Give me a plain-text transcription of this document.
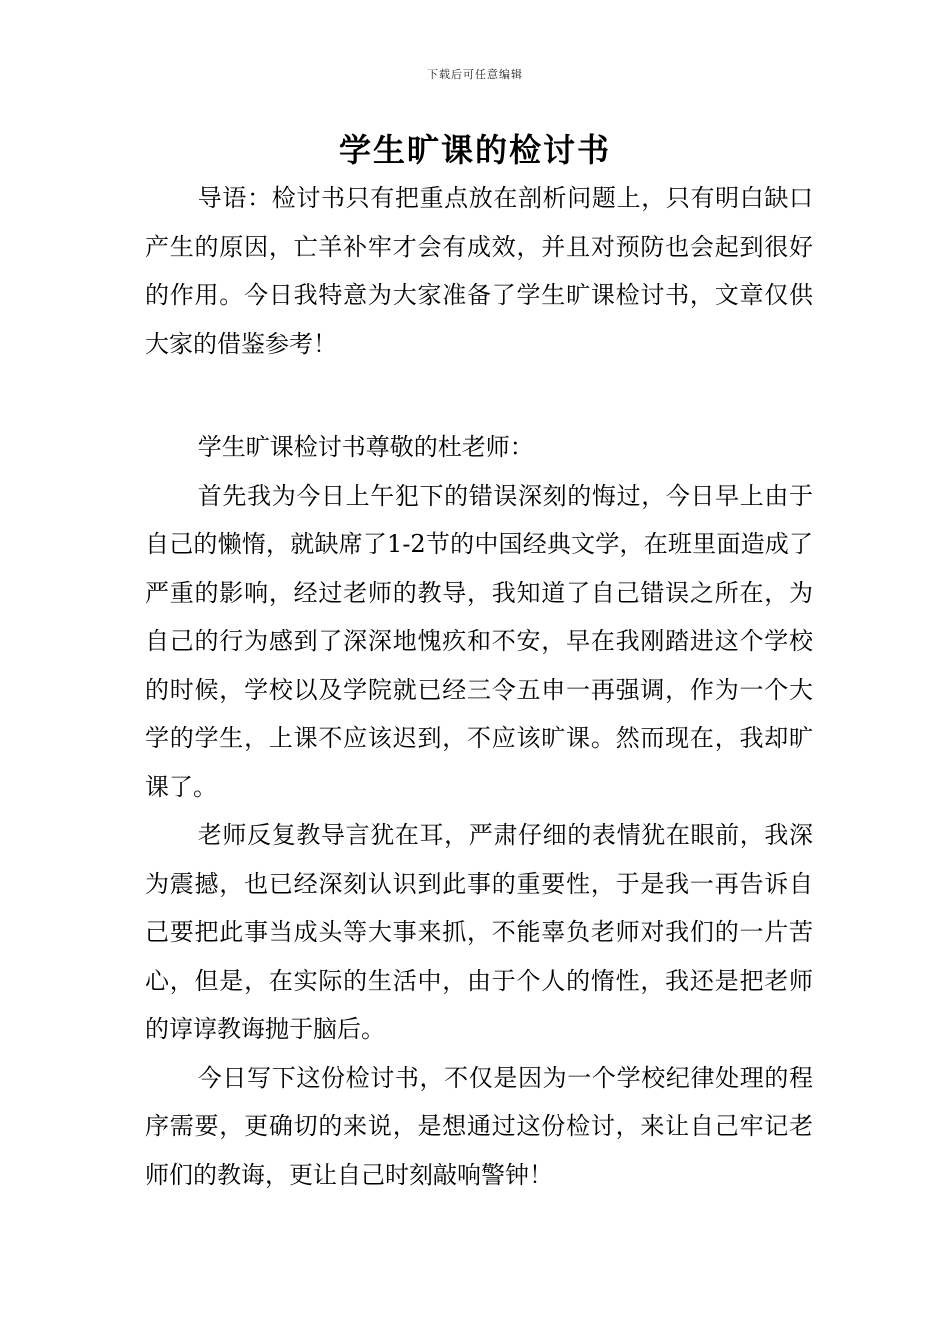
下载后可任意编辑
学生旷课的检讨书

导语：检讨书只有把重点放在剖析问题上，只有明白缺口产生的原因，亡羊补牢才会有成效，并且对预防也会起到很好的作用。今日我特意为大家准备了学生旷课检讨书，文章仅供大家的借鉴参考！

学生旷课检讨书尊敬的杜老师：

首先我为今日上午犯下的错误深刻的悔过，今日早上由于自己的懒惰，就缺席了1-2节的中国经典文学，在班里面造成了严重的影响，经过老师的教导，我知道了自己错误之所在，为自己的行为感到了深深地愧疚和不安，早在我刚踏进这个学校的时候，学校以及学院就已经三令五申一再强调，作为一个大学的学生，上课不应该迟到，不应该旷课。然而现在，我却旷课了。

老师反复教导言犹在耳，严肃仔细的表情犹在眼前，我深为震撼，也已经深刻认识到此事的重要性，于是我一再告诉自己要把此事当成头等大事来抓，不能辜负老师对我们的一片苦心，但是，在实际的生活中，由于个人的惰性，我还是把老师的谆谆教诲抛于脑后。

今日写下这份检讨书，不仅是因为一个学校纪律处理的程序需要，更确切的来说，是想通过这份检讨，来让自己牢记老师们的教诲，更让自己时刻敲响警钟！
